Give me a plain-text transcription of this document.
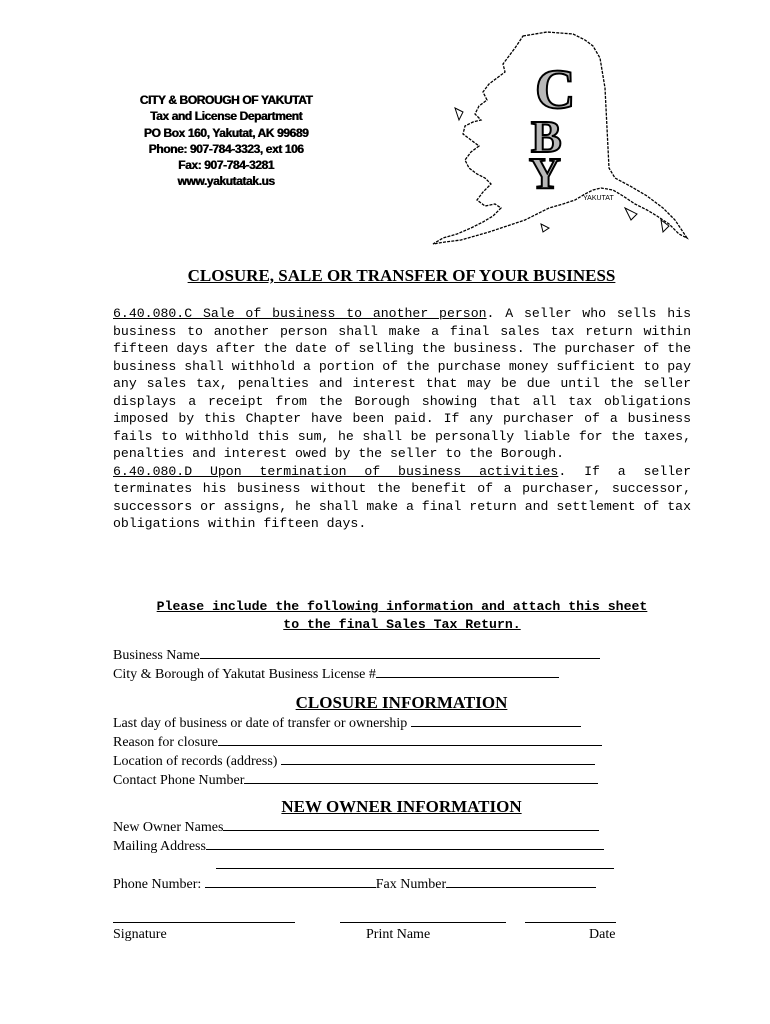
CITY & BOROUGH OF YAKUTAT
Tax and License Department
PO Box 160, Yakutat, AK 99689
Phone: 907-784-3323, ext 106
Fax: 907-784-3281
www.yakutatak.us
C
B
Y
YAKUTAT
CLOSURE, SALE OR TRANSFER OF YOUR BUSINESS
6.40.080.C Sale of business to another person. A seller who sells his business to another person shall make a final sales tax return within fifteen days after the date of selling the business. The purchaser of the business shall withhold a portion of the purchase money sufficient to pay any sales tax, penalties and interest that may be due until the seller displays a receipt from the Borough showing that all tax obligations imposed by this Chapter have been paid. If any purchaser of a business fails to withhold this sum, he shall be personally liable for the taxes, penalties and interest owed by the seller to the Borough.
6.40.080.D Upon termination of business activities. If a seller terminates his business without the benefit of a purchaser, successor, successors or assigns, he shall make a final return and settlement of tax obligations within fifteen days.
Please include the following information and attach this sheet
to the final Sales Tax Return.
Business Name
City & Borough of Yakutat Business License #
CLOSURE INFORMATION
Last day of business or date of transfer or ownership
Reason for closure
Location of records (address)
Contact Phone Number
NEW OWNER INFORMATION
New Owner Names
Mailing Address
Phone Number:	Fax Number
Signature	Print Name	Date
